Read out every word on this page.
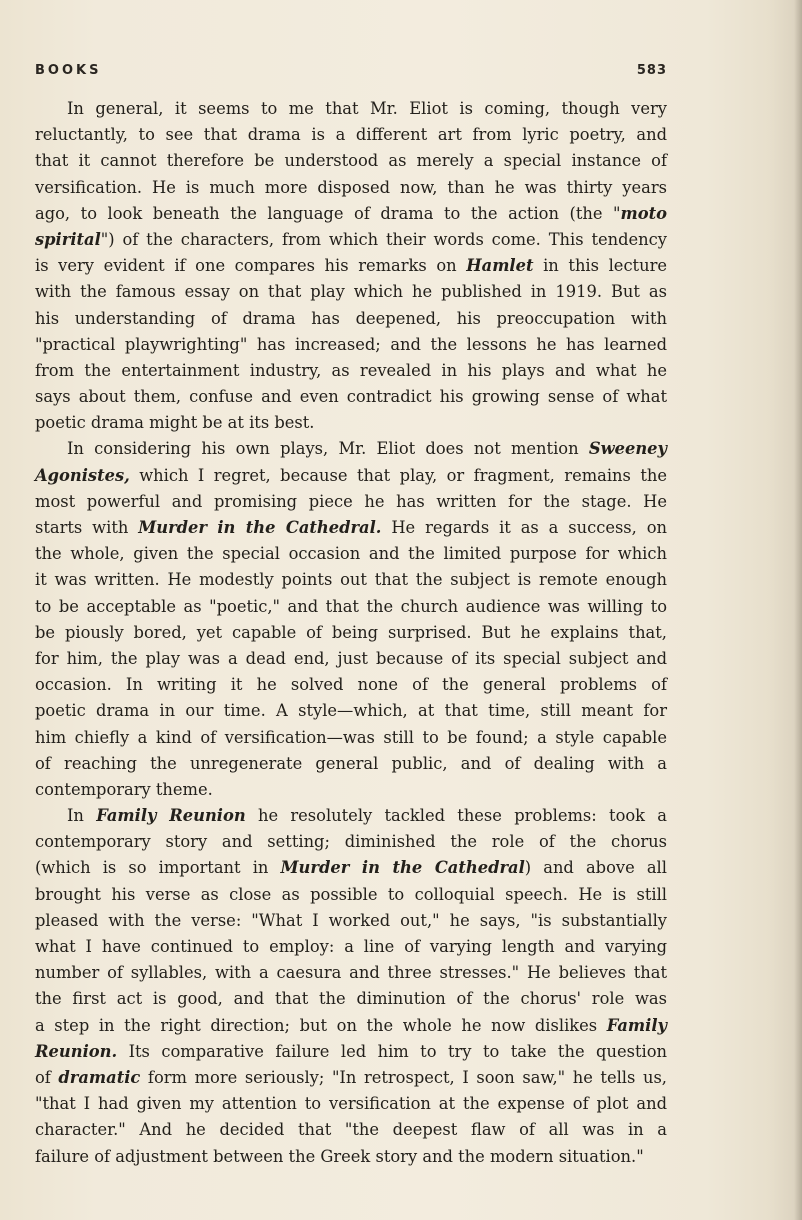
BOOKS	583
In general, it seems to me that Mr. Eliot is coming, though very
reluctantly, to see that drama is a different art from lyric poetry, and
that it cannot therefore be understood as merely a special instance of
versification. He is much more disposed now, than he was thirty years
ago, to look beneath the language of drama to the action (the "moto
spirital") of the characters, from which their words come. This tendency
is very evident if one compares his remarks on Hamlet in this lecture
with the famous essay on that play which he published in 1919. But as
his understanding of drama has deepened, his preoccupation with
"practical playwrighting" has increased; and the lessons he has learned
from the entertainment industry, as revealed in his plays and what he
says about them, confuse and even contradict his growing sense of what
poetic drama might be at its best.
In considering his own plays, Mr. Eliot does not mention Sweeney
Agonistes, which I regret, because that play, or fragment, remains the
most powerful and promising piece he has written for the stage. He
starts with Murder in the Cathedral. He regards it as a success, on
the whole, given the special occasion and the limited purpose for which
it was written. He modestly points out that the subject is remote enough
to be acceptable as "poetic," and that the church audience was willing to
be piously bored, yet capable of being surprised. But he explains that,
for him, the play was a dead end, just because of its special subject and
occasion. In writing it he solved none of the general problems of
poetic drama in our time. A style—which, at that time, still meant for
him chiefly a kind of versification—was still to be found; a style capable
of reaching the unregenerate general public, and of dealing with a
contemporary theme.
In Family Reunion he resolutely tackled these problems: took a
contemporary story and setting; diminished the role of the chorus
(which is so important in Murder in the Cathedral) and above all
brought his verse as close as possible to colloquial speech. He is still
pleased with the verse: "What I worked out," he says, "is substantially
what I have continued to employ: a line of varying length and varying
number of syllables, with a caesura and three stresses." He believes that
the first act is good, and that the diminution of the chorus' role was
a step in the right direction; but on the whole he now dislikes Family
Reunion. Its comparative failure led him to try to take the question
of dramatic form more seriously; "In retrospect, I soon saw," he tells us,
"that I had given my attention to versification at the expense of plot and
character." And he decided that "the deepest flaw of all was in a
failure of adjustment between the Greek story and the modern situation."
